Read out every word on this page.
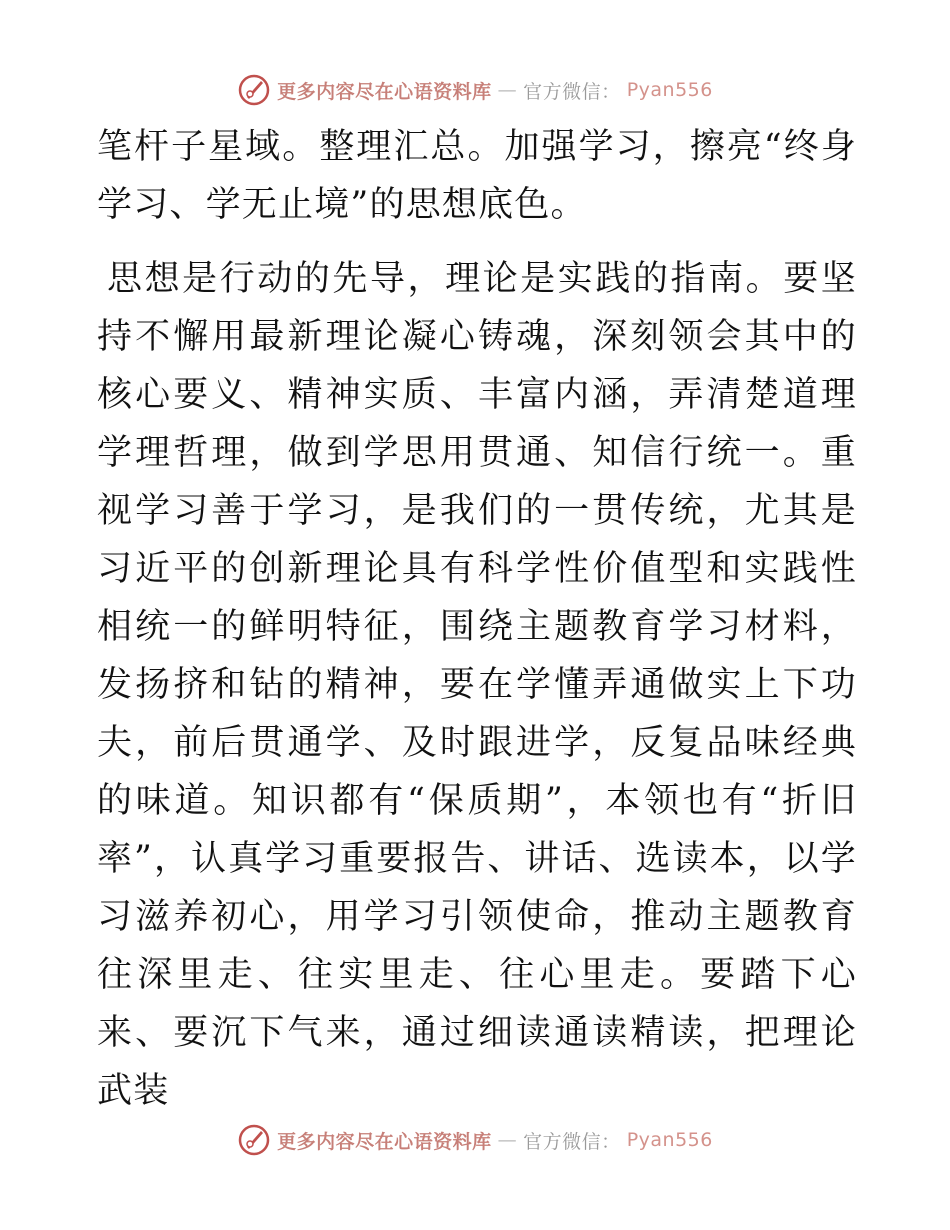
更多内容尽在心语资料库 — 官方微信： Pyan556

笔杆子星域。整理汇总。加强学习，擦亮“终身学习、学无止境”的思想底色。

思想是行动的先导，理论是实践的指南。要坚持不懈用最新理论凝心铸魂，深刻领会其中的核心要义、精神实质、丰富内涵，弄清楚道理学理哲理，做到学思用贯通、知信行统一。重视学习善于学习，是我们的一贯传统，尤其是习近平的创新理论具有科学性价值型和实践性相统一的鲜明特征，围绕主题教育学习材料，发扬挤和钻的精神，要在学懂弄通做实上下功夫，前后贯通学、及时跟进学，反复品味经典的味道。知识都有“保质期”，本领也有“折旧率”，认真学习重要报告、讲话、选读本，以学习滋养初心，用学习引领使命，推动主题教育往深里走、往实里走、往心里走。要踏下心来、要沉下气来，通过细读通读精读，把理论武装

更多内容尽在心语资料库 — 官方微信： Pyan556
